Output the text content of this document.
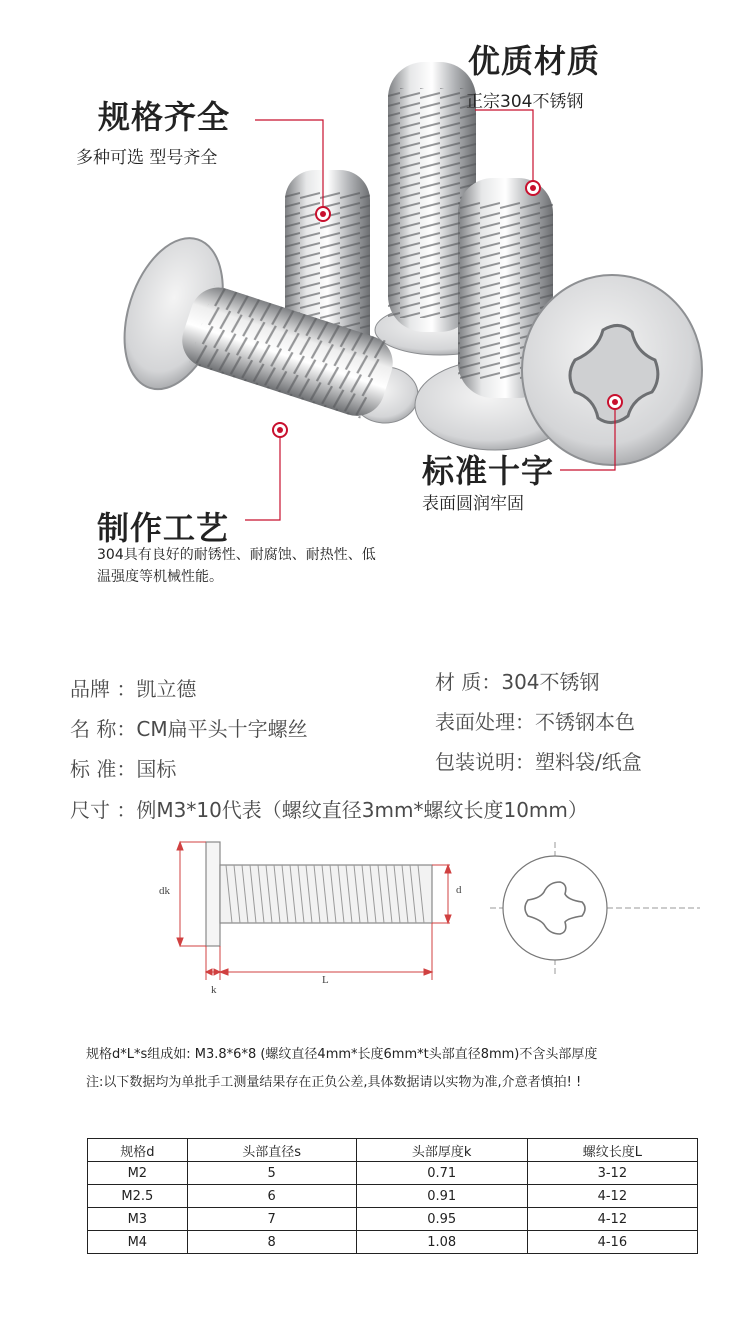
优质材质
正宗304不锈钢
规格齐全
多种可选 型号齐全
标准十字
表面圆润牢固
制作工艺
304具有良好的耐锈性、耐腐蚀、耐热性、低温强度等机械性能。
品牌 ：凯立德
名 称：CM扁平头十字螺丝
标 准：国标
尺寸 ：例M3*10代表（螺纹直径3mm*螺纹长度10mm）
材 质：304不锈钢
表面处理：不锈钢本色
包装说明：塑料袋/纸盒
dk	d
k
L
规格d*L*s组成如: M3.8*6*8 (螺纹直径4mm*长度6mm*t头部直径8mm)不含头部厚度
注:以下数据均为单批手工测量结果存在正负公差,具体数据请以实物为准,介意者慎拍! !
规格d	头部直径s	头部厚度k	螺纹长度L
M2	5	0.71	3-12
M2.5	6	0.91	4-12
M3	7	0.95	4-12
M4	8	1.08	4-16
